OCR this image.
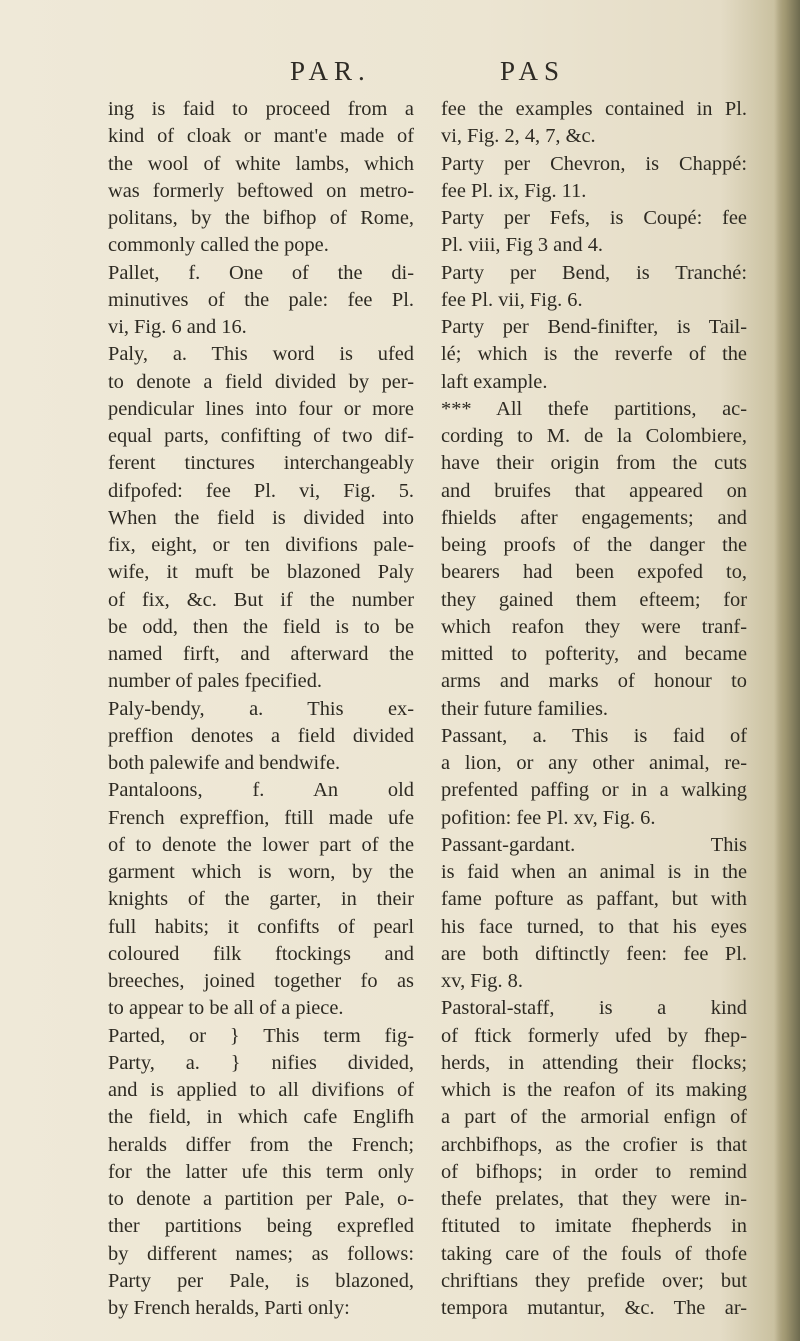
PAR.	PAS
ing is faid to proceed from a
kind of cloak or mant'e made of
the wool of white lambs, which
was formerly beftowed on metro-
politans, by the bifhop of Rome,
commonly called the pope.
Pallet, f. One of the di-
minutives of the pale: fee Pl.
vi, Fig. 6 and 16.
Paly, a. This word is ufed
to denote a field divided by per-
pendicular lines into four or more
equal parts, confifting of two dif-
ferent tinctures interchangeably
difpofed: fee Pl. vi, Fig. 5.
When the field is divided into
fix, eight, or ten divifions pale-
wife, it muft be blazoned Paly
of fix, &c. But if the number
be odd, then the field is to be
named firft, and afterward the
number of pales fpecified.
Paly-bendy, a. This ex-
preffion denotes a field divided
both palewife and bendwife.
Pantaloons, f. An old
French expreffion, ftill made ufe
of to denote the lower part of the
garment which is worn, by the
knights of the garter, in their
full habits; it confifts of pearl
coloured filk ftockings and
breeches, joined together fo as
to appear to be all of a piece.
Parted, or } This term fig-
Party, a. } nifies divided,
and is applied to all divifions of
the field, in which cafe Englifh
heralds differ from the French;
for the latter ufe this term only
to denote a partition per Pale, o-
ther partitions being exprefled
by different names; as follows:
Party per Pale, is blazoned,
by French heralds, Parti only:
fee the examples contained in Pl.
vi, Fig. 2, 4, 7, &c.
Party per Chevron, is Chappé:
fee Pl. ix, Fig. 11.
Party per Fefs, is Coupé: fee
Pl. viii, Fig 3 and 4.
Party per Bend, is Tranché:
fee Pl. vii, Fig. 6.
Party per Bend-finifter, is Tail-
lé; which is the reverfe of the
laft example.
*** All thefe partitions, ac-
cording to M. de la Colombiere,
have their origin from the cuts
and bruifes that appeared on
fhields after engagements; and
being proofs of the danger the
bearers had been expofed to,
they gained them efteem; for
which reafon they were tranf-
mitted to pofterity, and became
arms and marks of honour to
their future families.
Passant, a. This is faid of
a lion, or any other animal, re-
prefented paffing or in a walking
pofition: fee Pl. xv, Fig. 6.
Passant-gardant. This
is faid when an animal is in the
fame pofture as paffant, but with
his face turned, to that his eyes
are both diftinctly feen: fee Pl.
xv, Fig. 8.
Pastoral-staff, is a kind
of ftick formerly ufed by fhep-
herds, in attending their flocks;
which is the reafon of its making
a part of the armorial enfign of
archbifhops, as the crofier is that
of bifhops; in order to remind
thefe prelates, that they were in-
ftituted to imitate fhepherds in
taking care of the fouls of thofe
chriftians they prefide over; but
tempora mutantur, &c. The ar-
